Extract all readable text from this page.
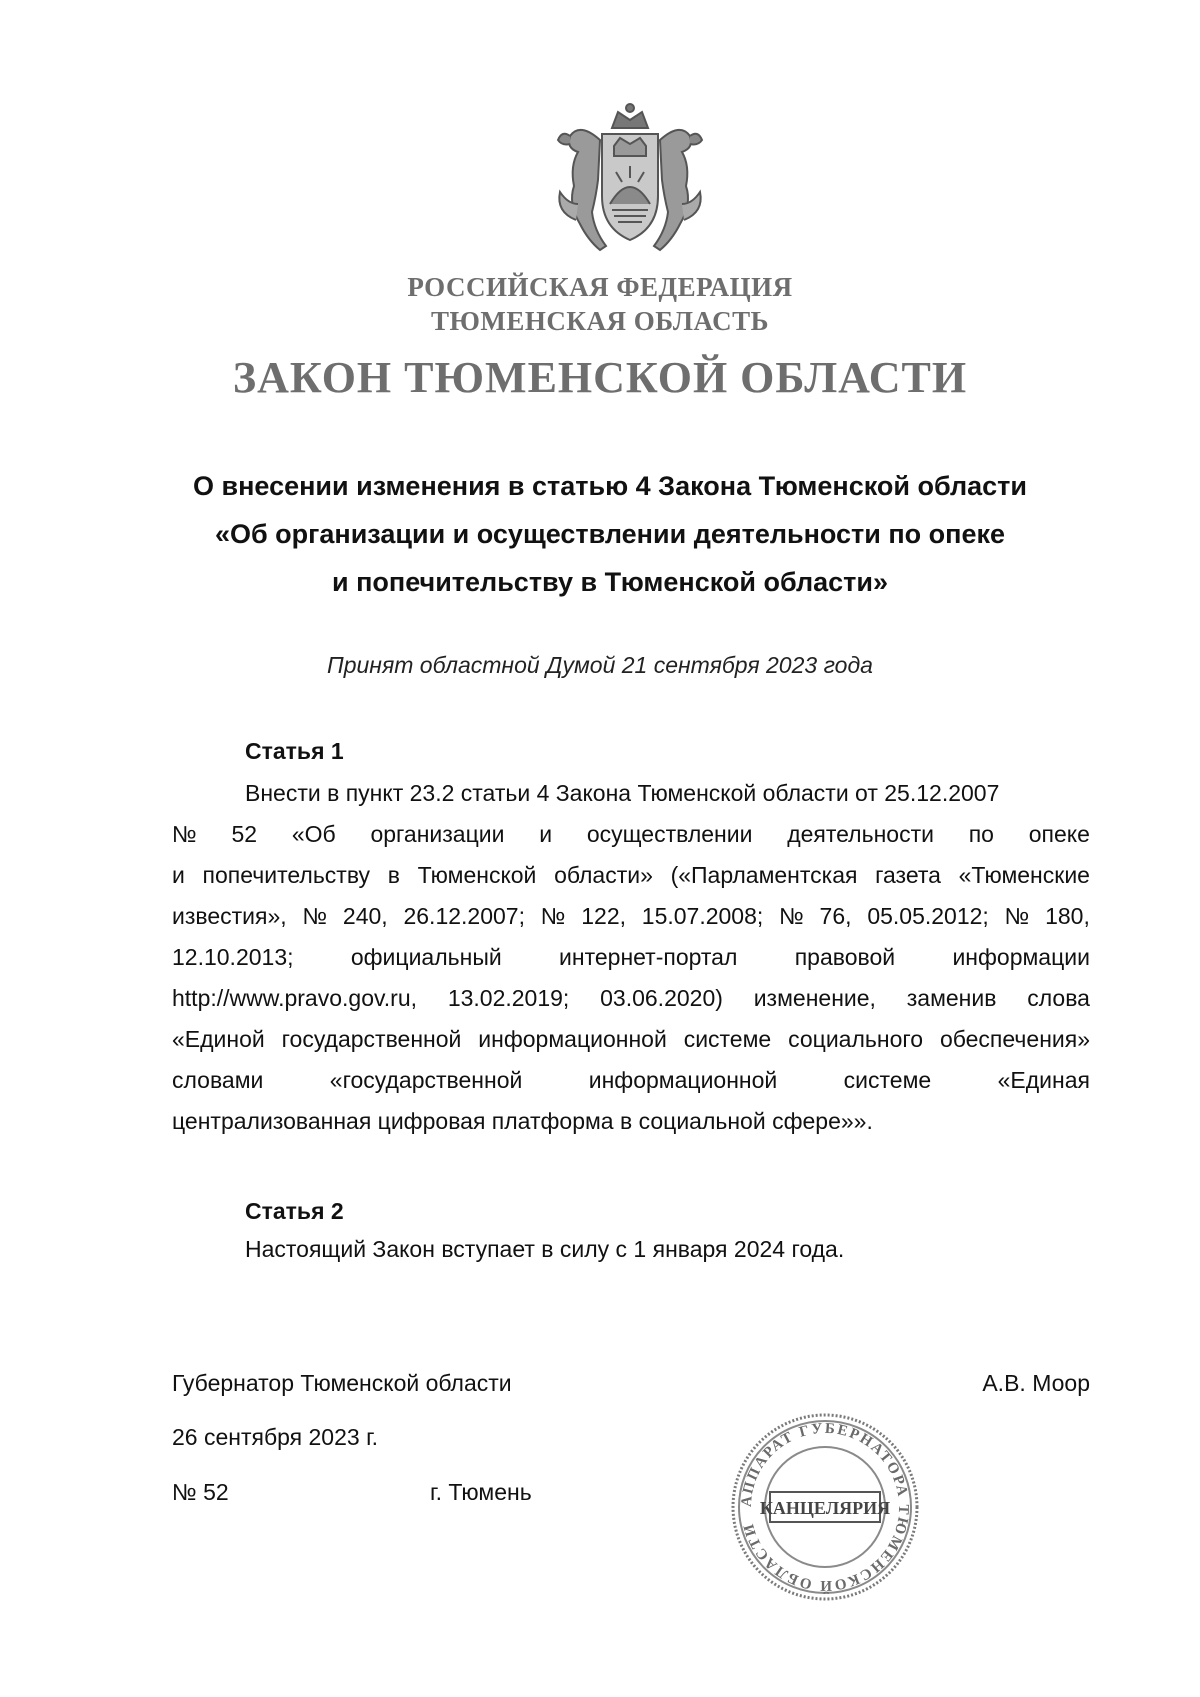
РОССИЙСКАЯ ФЕДЕРАЦИЯ
ТЮМЕНСКАЯ ОБЛАСТЬ
ЗАКОН ТЮМЕНСКОЙ ОБЛАСТИ
О внесении изменения в статью 4 Закона Тюменской области
«Об организации и осуществлении деятельности по опеке
и попечительству в Тюменской области»
Принят областной Думой 21 сентября 2023 года
Статья 1
Внести в пункт 23.2 статьи 4 Закона Тюменской области от 25.12.2007
№ 52 «Об организации и осуществлении деятельности по опеке
и попечительству в Тюменской области» («Парламентская газета «Тюменские
известия», № 240, 26.12.2007; № 122, 15.07.2008; № 76, 05.05.2012; № 180,
12.10.2013; официальный интернет-портал правовой информации
http://www.pravo.gov.ru, 13.02.2019; 03.06.2020) изменение, заменив слова
«Единой государственной информационной системе социального обеспечения»
словами	«государственной	информационной	системе	«Единая
централизованная цифровая платформа в социальной сфере»».
Статья 2
Настоящий Закон вступает в силу с 1 января 2024 года.
Губернатор Тюменской области	А.В. Моор
26 сентября 2023 г.
№ 52	г. Тюмень	АППАРАТ ГУБЕРНАТОРА ТЮМЕНСКОЙ ОБЛАСТИ
КАНЦЕЛЯРИЯ
